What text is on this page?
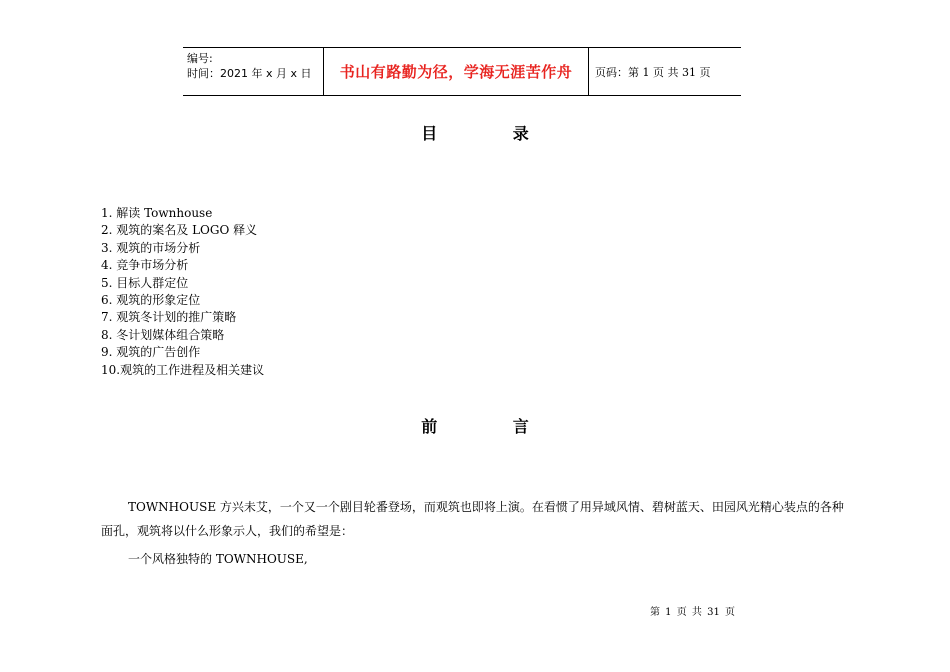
编号:
时间：2021 年 x 月 x 日	书山有路勤为径，学海无涯苦作舟 页码：第 1 页 共 31 页
目 录
1. 解读 Townhouse
2. 观筑的案名及 LOGO 释义
3. 观筑的市场分析
4. 竞争市场分析
5. 目标人群定位
6. 观筑的形象定位
7. 观筑冬计划的推广策略
8. 冬计划媒体组合策略
9. 观筑的广告创作
10.观筑的工作进程及相关建议
前 言
TOWNHOUSE 方兴未艾，一个又一个剧目轮番登场，而观筑也即将上演。在看惯了用异域风情、碧树蓝天、田园风光精心装点的各种面孔，观筑将以什么形象示人，我们的希望是：
一个风格独特的 TOWNHOUSE,
第 1 页 共 31 页
